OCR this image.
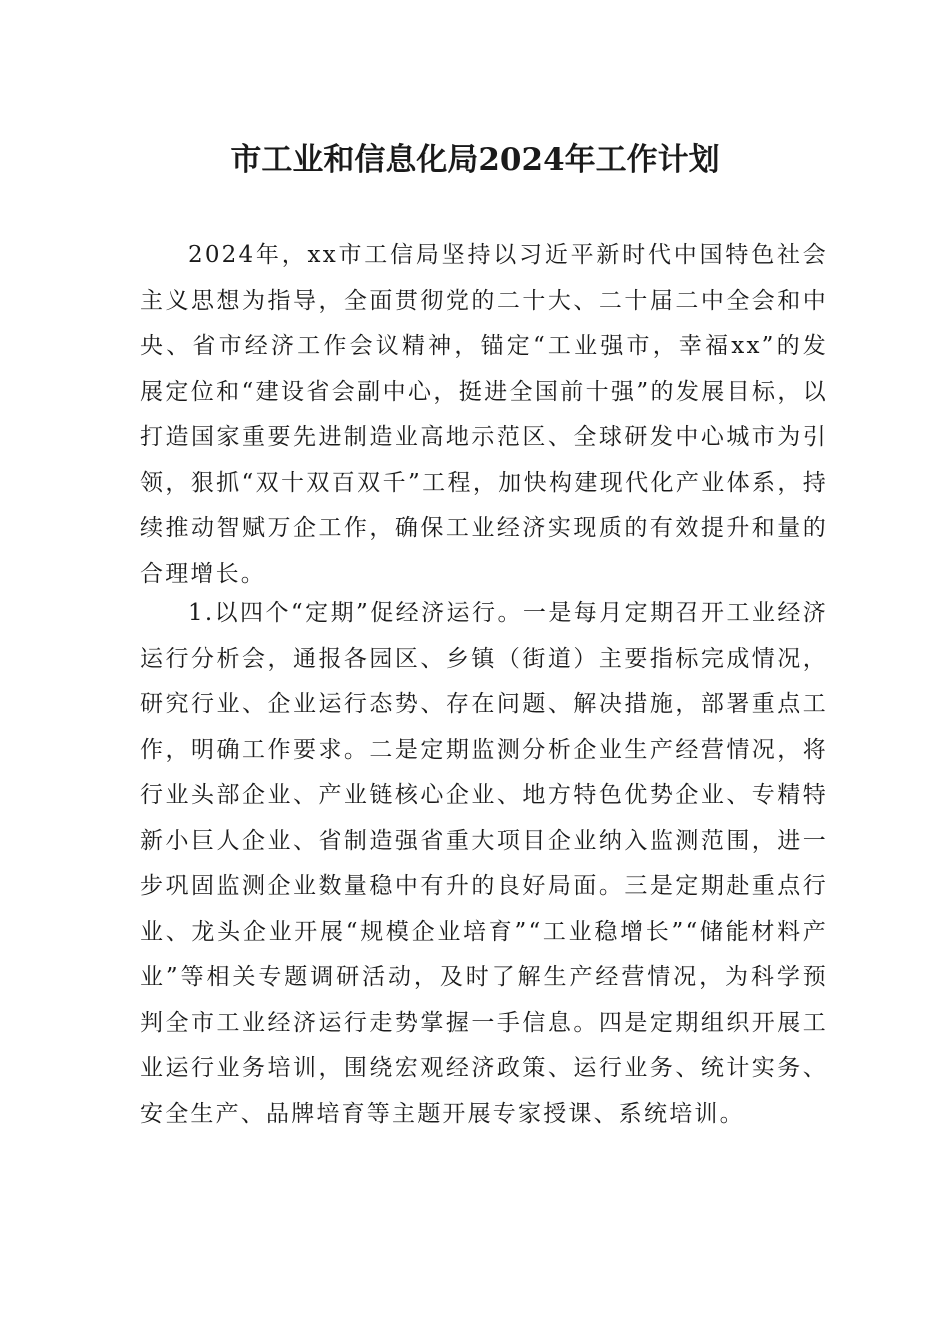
市工业和信息化局2024年工作计划

2024年，xx市工信局坚持以习近平新时代中国特色社会主义思想为指导，全面贯彻党的二十大、二十届二中全会和中央、省市经济工作会议精神，锚定“工业强市，幸福xx”的发展定位和“建设省会副中心，挺进全国前十强”的发展目标，以打造国家重要先进制造业高地示范区、全球研发中心城市为引领，狠抓“双十双百双千”工程，加快构建现代化产业体系，持续推动智赋万企工作，确保工业经济实现质的有效提升和量的合理增长。

1.以四个“定期”促经济运行。一是每月定期召开工业经济运行分析会，通报各园区、乡镇（街道）主要指标完成情况，研究行业、企业运行态势、存在问题、解决措施，部署重点工作，明确工作要求。二是定期监测分析企业生产经营情况，将行业头部企业、产业链核心企业、地方特色优势企业、专精特新小巨人企业、省制造强省重大项目企业纳入监测范围，进一步巩固监测企业数量稳中有升的良好局面。三是定期赴重点行业、龙头企业开展“规模企业培育”“工业稳增长”“储能材料产业”等相关专题调研活动，及时了解生产经营情况，为科学预判全市工业经济运行走势掌握一手信息。四是定期组织开展工业运行业务培训，围绕宏观经济政策、运行业务、统计实务、安全生产、品牌培育等主题开展专家授课、系统培训。
